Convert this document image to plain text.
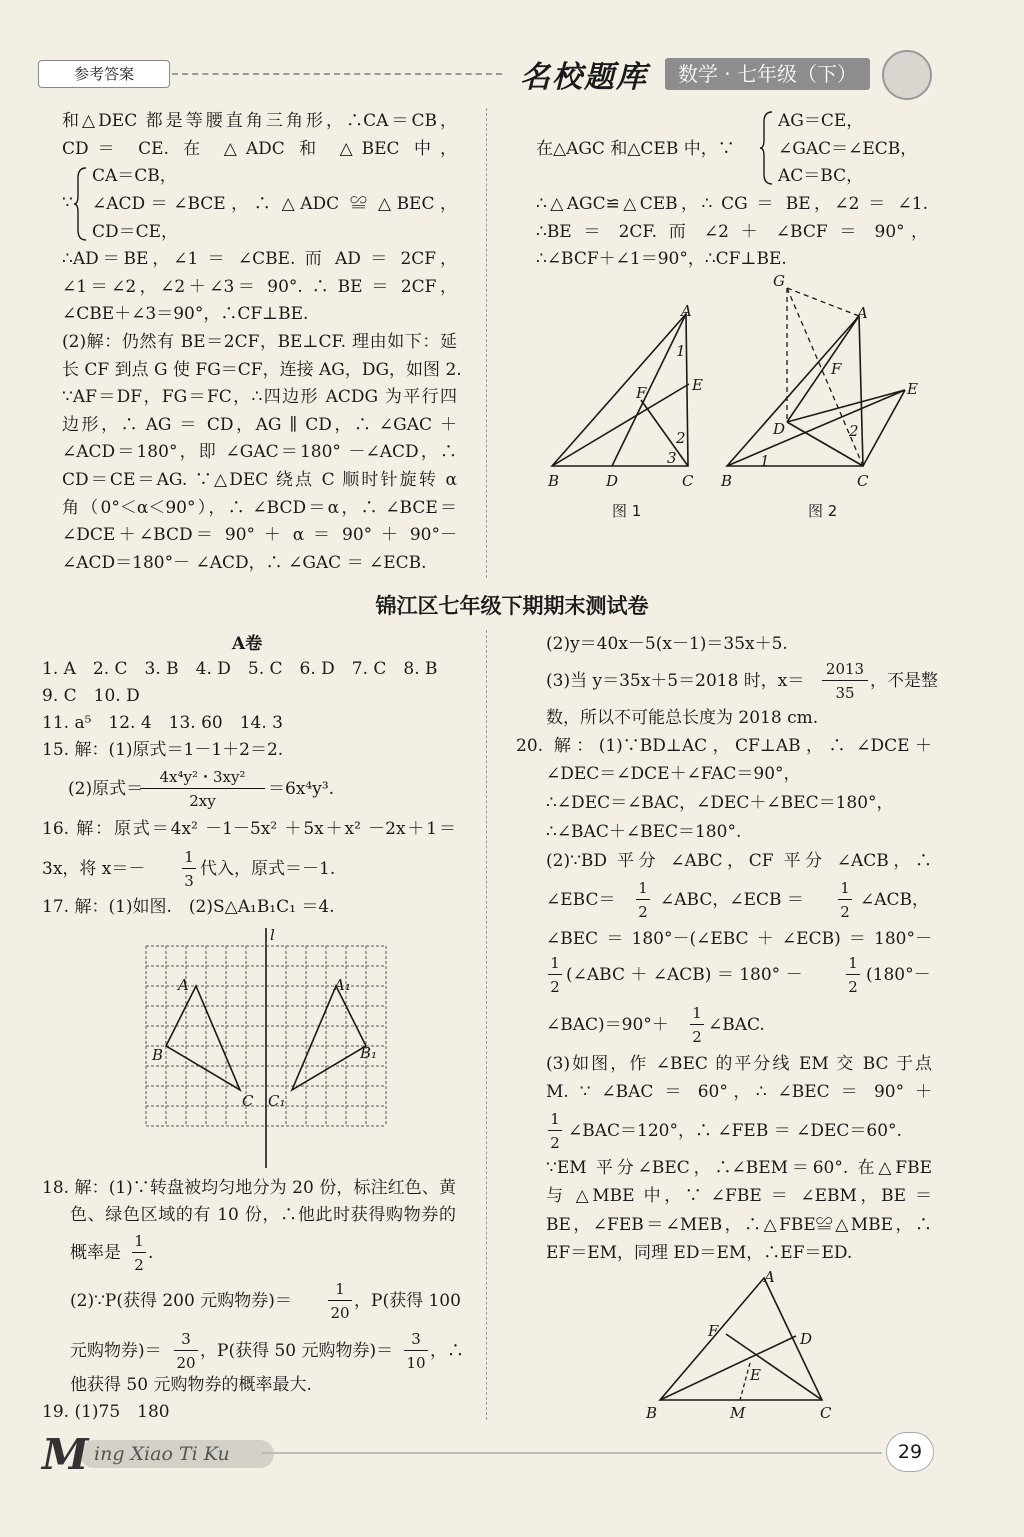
参考答案	名校题库	数学 · 七年级（下）
和△DEC 都是等腰直角三角形，∴CA＝CB，
CD＝ CE. 在 △ADC 和 △BEC 中，
∵
CA＝CB，
∠ACD＝∠BCE，∴ △ADC ≌ △BEC，
CD＝CE，
∴AD＝BE，∠1 ＝ ∠CBE. 而 AD ＝ 2CF，
∠1＝∠2，∠2＋∠3＝ 90°. ∴ BE ＝ 2CF，
∠CBE＋∠3＝90°，∴CF⊥BE.
(2)解：仍然有 BE＝2CF，BE⊥CF. 理由如下：延
长 CF 到点 G 使 FG＝CF，连接 AG，DG，如图 2.
∵AF＝DF，FG＝FC，∴四边形 ACDG 为平行四
边形，∴ AG ＝ CD，AG ∥ CD，∴ ∠GAC ＋
∠ACD＝180°，即 ∠GAC＝180° －∠ACD，∴
CD＝CE＝AG. ∵△DEC 绕点 C 顺时针旋转 α
角（0°＜α＜90°），∴ ∠BCD＝α，∴ ∠BCE＝
∠DCE＋∠BCD＝ 90° ＋ α ＝ 90° ＋ 90°－
∠ACD＝180°－ ∠ACD，∴ ∠GAC ＝ ∠ECB.
AG＝CE，
在△AGC 和△CEB 中，∵	∠GAC＝∠ECB，
AC＝BC，
∴△AGC≌△CEB，∴ CG ＝ BE，∠2 ＝ ∠1.
∴BE ＝ 2CF. 而 ∠2 ＋ ∠BCF ＝ 90°，
∴∠BCF＋∠1＝90°，∴CF⊥BE.
A
B	C
D
E
F
1
2
3
图 1
G
A
B	C
D
E
F
1
2
图 2
锦江区七年级下期期末测试卷
A卷
1. A　2. C　3. B　4. D　5. C　6. D　7. C　8. B
9. C　10. D
11. a⁵　12. 4　13. 60　14. 3
15. 解：(1)原式＝1－1＋2＝2.
(2)原式＝
4x⁴y²・3xy²
2xy
＝6x⁴y³.
16. 解：原式＝4x² －1－5x² ＋5x＋x² －2x＋1＝
3x，将 x＝－
1
3
代入，原式＝－1.
17. 解：(1)如图.　(2)S△A₁B₁C₁ ＝4.
l
A
B
C
A₁
B₁
C₁
18. 解：(1)∵转盘被均匀地分为 20 份，标注红色、黄
色、绿色区域的有 10 份，∴他此时获得购物券的
概率是
1
2
.
(2)∵P(获得 200 元购物券)＝
1
20
，P(获得 100
元购物券)＝
3
20
，P(获得 50 元购物券)＝
3
10
，∴
他获得 50 元购物券的概率最大.
19. (1)75　180
(2)y＝40x－5(x－1)＝35x＋5.
(3)当 y＝35x＋5＝2018 时，x＝
2013
35
，不是整
数，所以不可能总长度为 2018 cm.
20. 解：(1)∵BD⊥AC，CF⊥AB，∴ ∠DCE＋
∠DEC＝∠DCE＋∠FAC＝90°，
∴∠DEC＝∠BAC，∠DEC＋∠BEC＝180°，
∴∠BAC＋∠BEC＝180°.
(2)∵BD 平分 ∠ABC，CF 平分 ∠ACB，∴
∠EBC＝
1
2
∠ABC，∠ECB ＝
1
2
∠ACB，
∠BEC＝180°－(∠EBC＋∠ECB)＝180°－
1
2
(∠ABC ＋ ∠ACB) ＝ 180° －
1
2
(180°－
∠BAC)＝90°＋
1
2
∠BAC.
(3)如图，作 ∠BEC 的平分线 EM 交 BC 于点
M. ∵ ∠BAC ＝ 60°，∴ ∠BEC ＝ 90° ＋
1
2
∠BAC＝120°，∴ ∠FEB ＝ ∠DEC＝60°.
∵EM 平分∠BEC，∴∠BEM＝60°. 在△FBE
与 △MBE 中，∵ ∠FBE ＝ ∠EBM，BE ＝
BE，∠FEB＝∠MEB，∴△FBE≌△MBE，∴
EF＝EM，同理 ED＝EM，∴EF＝ED.
A
B	C
D
E
F
M
ing Xiao Ti Ku
M	29
